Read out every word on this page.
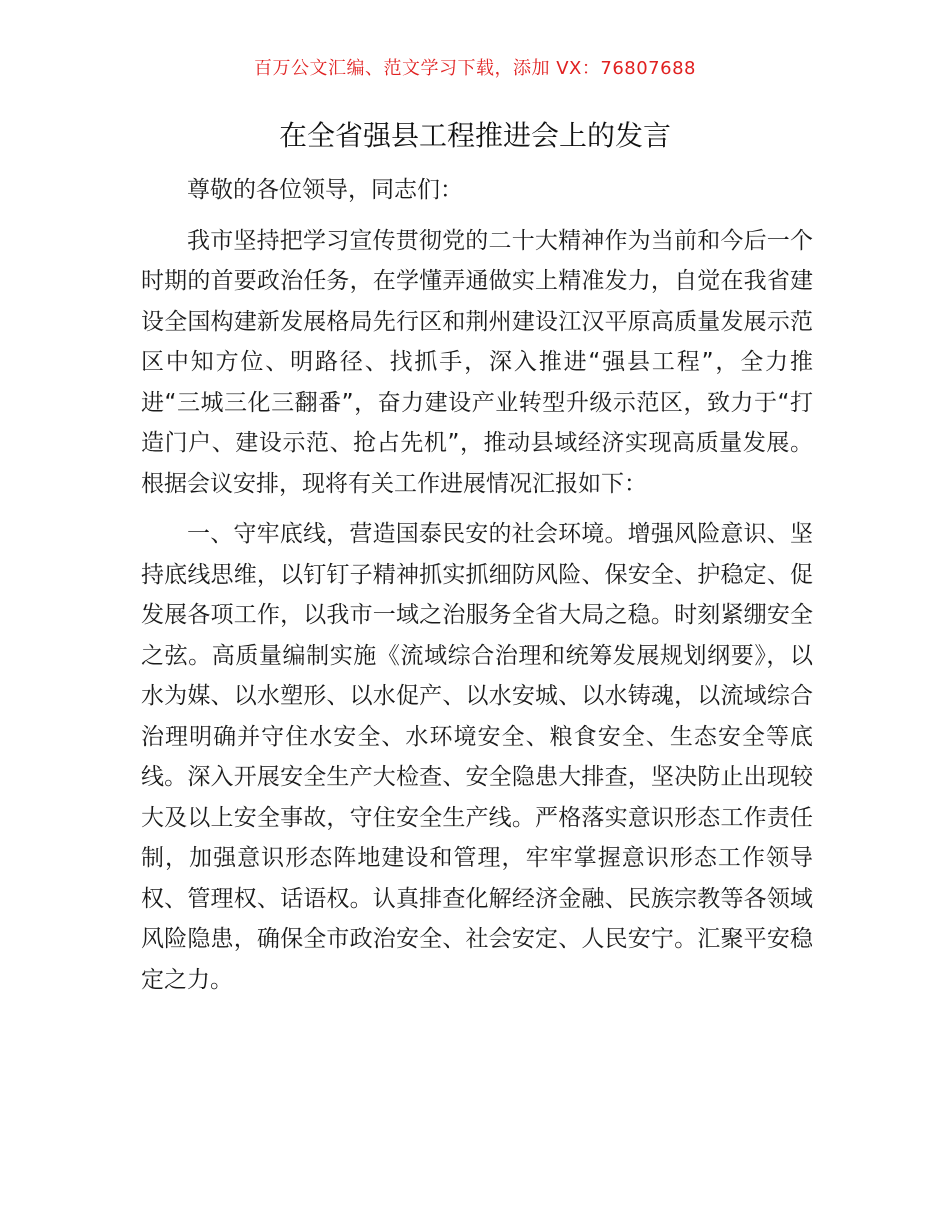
百万公文汇编、范文学习下载，添加 VX：76807688
在全省强县工程推进会上的发言

尊敬的各位领导，同志们：

我市坚持把学习宣传贯彻党的二十大精神作为当前和今后一个时期的首要政治任务，在学懂弄通做实上精准发力，自觉在我省建设全国构建新发展格局先行区和荆州建设江汉平原高质量发展示范区中知方位、明路径、找抓手，深入推进“强县工程”，全力推进“三城三化三翻番”，奋力建设产业转型升级示范区，致力于“打造门户、建设示范、抢占先机”，推动县域经济实现高质量发展。根据会议安排，现将有关工作进展情况汇报如下：

一、守牢底线，营造国泰民安的社会环境。增强风险意识、坚持底线思维，以钉钉子精神抓实抓细防风险、保安全、护稳定、促发展各项工作，以我市一域之治服务全省大局之稳。时刻紧绷安全之弦。高质量编制实施《流域综合治理和统筹发展规划纲要》，以水为媒、以水塑形、以水促产、以水安城、以水铸魂，以流域综合治理明确并守住水安全、水环境安全、粮食安全、生态安全等底线。深入开展安全生产大检查、安全隐患大排查，坚决防止出现较大及以上安全事故，守住安全生产线。严格落实意识形态工作责任制，加强意识形态阵地建设和管理，牢牢掌握意识形态工作领导权、管理权、话语权。认真排查化解经济金融、民族宗教等各领域风险隐患，确保全市政治安全、社会安定、人民安宁。汇聚平安稳定之力。
